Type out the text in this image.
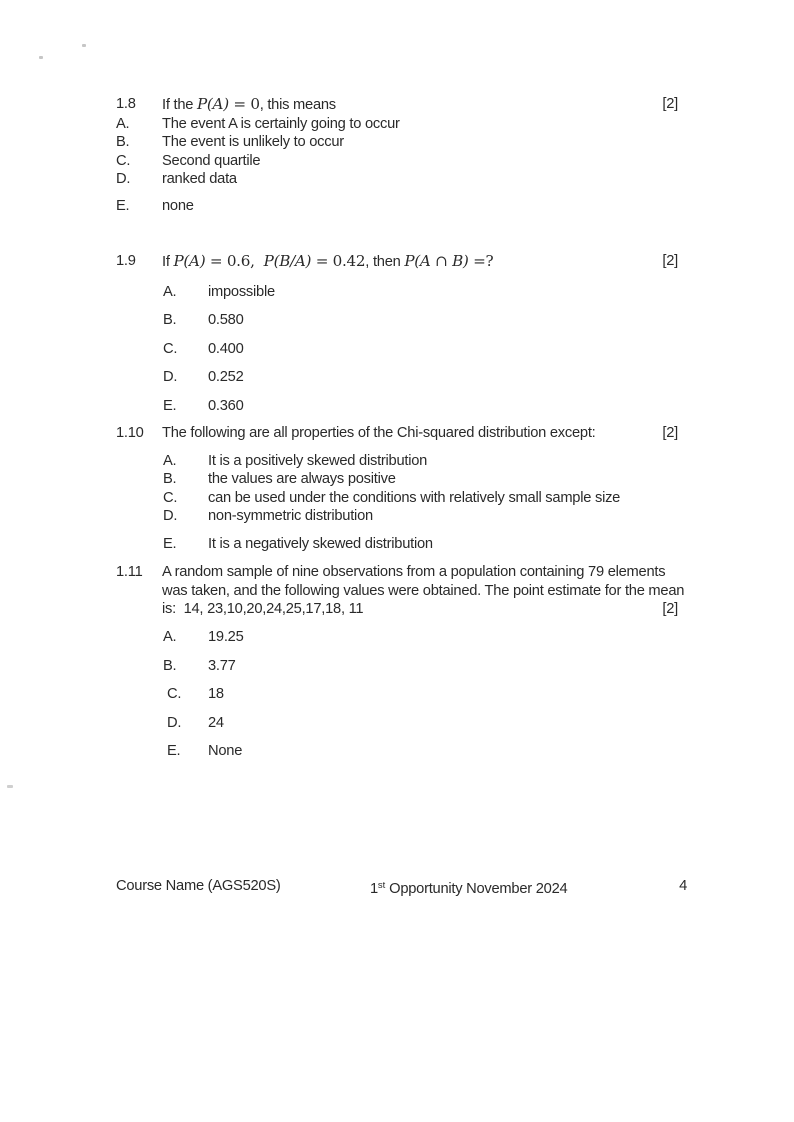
1.8	If the P(A) = 0, this means	[2]
A.	The event A is certainly going to occur
B.	The event is unlikely to occur
C.	Second quartile
D.	ranked data
E.	none
1.9	If P(A) = 0.6,  P(B/A) = 0.42, then P(A ∩ B) =?	[2]
A.	impossible
B.	0.580
C.	0.400
D.	0.252
E.	0.360
1.10	The following are all properties of the Chi-squared distribution except:	[2]
A.	It is a positively skewed distribution
B.	the values are always positive
C.	can be used under the conditions with relatively small sample size
D.	non-symmetric distribution
E.	It is a negatively skewed distribution
1.11	A random sample of nine observations from a population containing 79 elements
was taken, and the following values were obtained. The point estimate for the mean
is:  14, 23,10,20,24,25,17,18, 11	[2]
A.	19.25
B.	3.77
C.	18
D.	24
E.	None
Course Name (AGS520S)	1st Opportunity November 2024	4
